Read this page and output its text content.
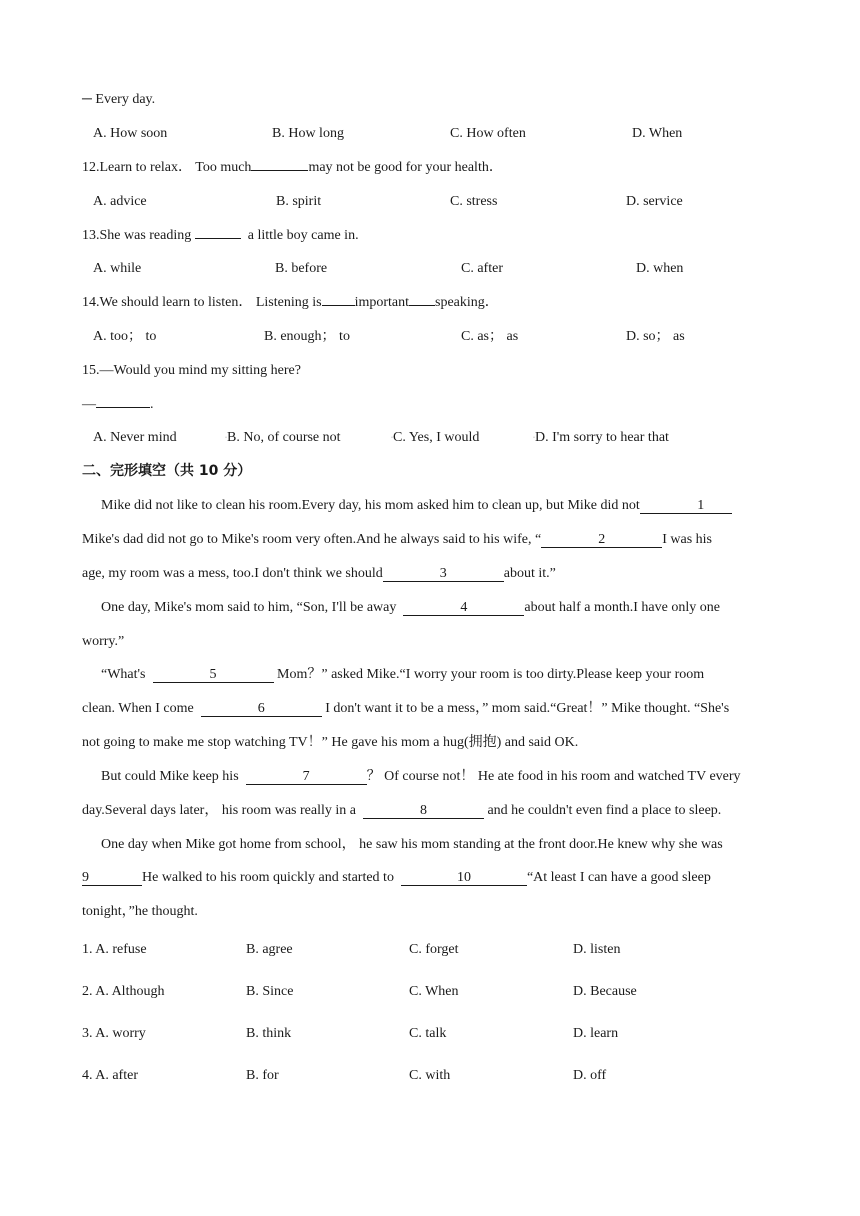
─ Every day.
A. How soon	B. How long	C. How often	D. When
12.Learn to relax． Too much	may not be good for your health．
A. advice	B. spirit	C. stress	D. service
13.She was reading	a little boy came in.
A. while	B. before	C. after	D. when
14.We should learn to listen． Listening is important speaking．
A. too； to	B. enough； to	C. as； as	D. so； as
15.—Would you mind my sitting here?
—	.
A. Never mind	·B. No, of course not	·C. Yes, I would	·D. I'm sorry to hear that
二、完形填空（共 10 分）
Mike did not like to clean his room.Every day, his mom asked him to clean up, but Mike did not	1
Mike's dad did not go to Mike's room very often.And he always said to his wife, “	2	I was his
age, my room was a mess, too.I don't think we should	3	about it.”
One day, Mike's mom said to him, “Son, I'll be away	4	about half a month.I have only one
worry.”
“What's	5	Mom？” asked Mike.“I worry your room is too dirty.Please keep your room
clean. When I come	6	I don't want it to be a mess，” mom said.“Great！” Mike thought. “She's
not going to make me stop watching TV！” He gave his mom a hug(拥抱) and said OK.
But could Mike keep his	7	？ Of course not！ He ate food in his room and watched TV every
day.Several days later， his room was really in a	8	and he couldn't even find a place to sleep.
One day when Mike got home from school， he saw his mom standing at the front door.He knew why she was
9	He walked to his room quickly and started to	10	“At least I can have a good sleep
tonight，”he thought.
1. A. refuse	B. agree	C. forget	D. listen
2. A. Although	B. Since	C. When	D. Because
3. A. worry	B. think	C. talk	D. learn
4. A. after	B. for	C. with	D. off
